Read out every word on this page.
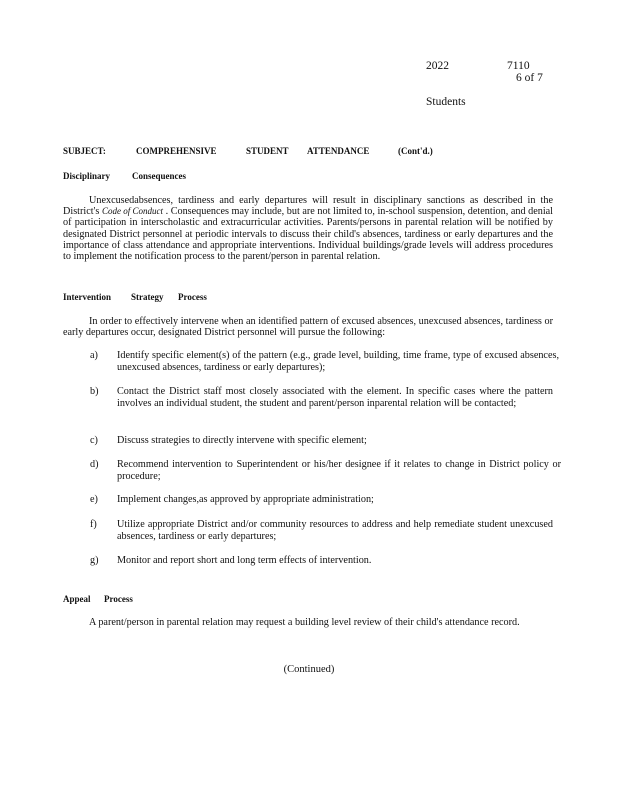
2022	7110
6 of 7
Students
SUBJECT:	COMPREHENSIVE	STUDENT ATTENDANCE	(Cont'd.)
Disciplinary Consequences
Unexcusedabsences, tardiness and early departures will result in disciplinary sanctions as described in the District's Code of Conduct . Consequences may include, but are not limited to, in-school suspension, detention, and denial of participation in interscholastic and extracurricular activities. Parents/persons in parental relation will be notified by designated District personnel at periodic intervals to discuss their child's absences, tardiness or early departures and the importance of class attendance and appropriate interventions. Individual buildings/grade levels will address procedures to implement the notification process to the parent/person in parental relation.
Intervention Strategy Process
In order to effectively intervene when an identified pattern of excused absences, unexcused absences, tardiness or early departures occur, designated District personnel will pursue the following:
a) Identify specific element(s) of the pattern (e.g., grade level, building, time frame, type of excused absences, unexcused absences, tardiness or early departures);
b) Contact the District staff most closely associated with the element. In specific cases where the pattern involves an individual student, the student and parent/person inparental relation will be contacted;
c) Discuss strategies to directly intervene with specific element;
d) Recommend intervention to Superintendent or his/her designee if it relates to change in District policy or procedure;
e) Implement changes,as approved by appropriate administration;
f) Utilize appropriate District and/or community resources to address and help remediate student unexcused absences, tardiness or early departures;
g) Monitor and report short and long term effects of intervention.
Appeal Process
A parent/person in parental relation may request a building level review of their child's attendance record.
(Continued)
